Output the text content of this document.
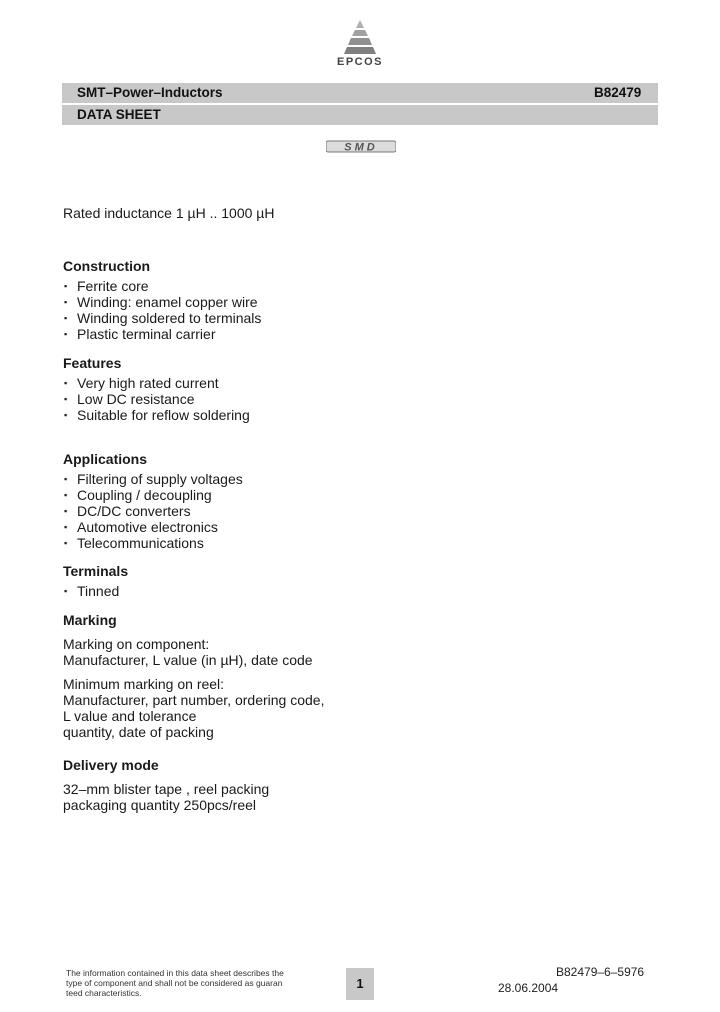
EPCOS
SMT–Power–Inductors	B82479
DATA SHEET
SMD
Rated inductance 1 µH .. 1000 µH
Construction
▪ Ferrite core
▪ Winding: enamel copper wire
▪ Winding soldered to terminals
▪ Plastic terminal carrier
Features
▪ Very high rated current
▪ Low DC resistance
▪ Suitable for reflow soldering
Applications
▪ Filtering of supply voltages
▪ Coupling / decoupling
▪ DC/DC converters
▪ Automotive electronics
▪ Telecommunications
Terminals
▪ Tinned
Marking

Marking on component:

Manufacturer, L value (in µH), date code

Minimum marking on reel:

Manufacturer, part number, ordering code,

L value and tolerance

quantity, date of packing

Delivery mode

32–mm blister tape , reel packing

packaging quantity 250pcs/reel

The information contained in this data sheet describes the
type of component and shall not be considered as guaran
teed characteristics.
1
B82479–6–5976
28.06.2004
